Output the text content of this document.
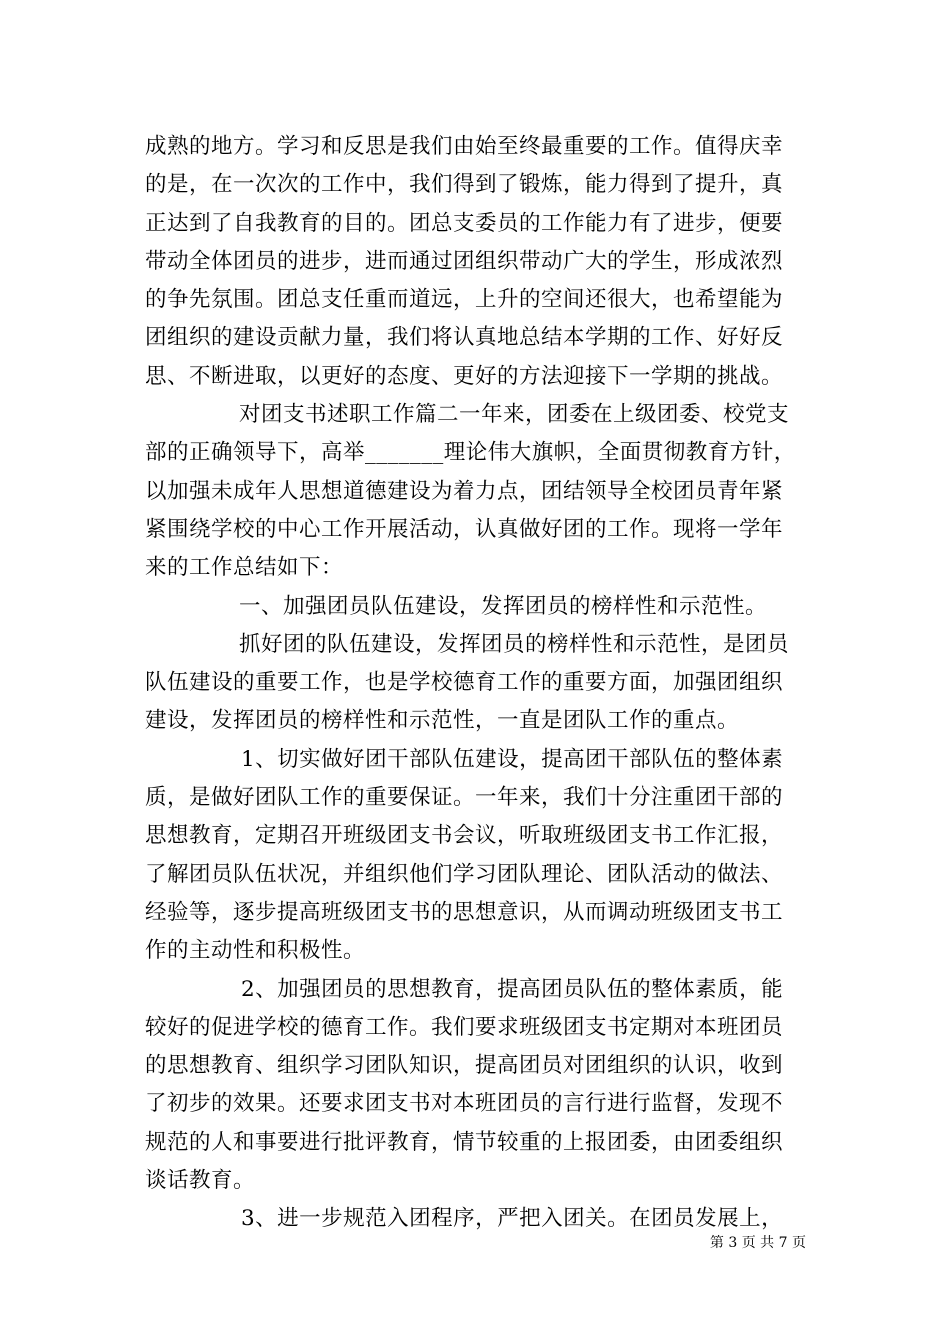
成熟的地方。学习和反思是我们由始至终最重要的工作。值得庆幸
的是，在一次次的工作中，我们得到了锻炼，能力得到了提升，真
正达到了自我教育的目的。团总支委员的工作能力有了进步，便要
带动全体团员的进步，进而通过团组织带动广大的学生，形成浓烈
的争先氛围。团总支任重而道远，上升的空间还很大，也希望能为
团组织的建设贡献力量，我们将认真地总结本学期的工作、好好反
思、不断进取，以更好的态度、更好的方法迎接下一学期的挑战。
对团支书述职工作篇二一年来，团委在上级团委、校党支
部的正确领导下，高举_______理论伟大旗帜，全面贯彻教育方针，
以加强未成年人思想道德建设为着力点，团结领导全校团员青年紧
紧围绕学校的中心工作开展活动，认真做好团的工作。现将一学年
来的工作总结如下：
一、加强团员队伍建设，发挥团员的榜样性和示范性。
抓好团的队伍建设，发挥团员的榜样性和示范性，是团员
队伍建设的重要工作，也是学校德育工作的重要方面，加强团组织
建设，发挥团员的榜样性和示范性，一直是团队工作的重点。
1、切实做好团干部队伍建设，提高团干部队伍的整体素
质，是做好团队工作的重要保证。一年来，我们十分注重团干部的
思想教育，定期召开班级团支书会议，听取班级团支书工作汇报，
了解团员队伍状况，并组织他们学习团队理论、团队活动的做法、
经验等，逐步提高班级团支书的思想意识，从而调动班级团支书工
作的主动性和积极性。
2、加强团员的思想教育，提高团员队伍的整体素质，能
较好的促进学校的德育工作。我们要求班级团支书定期对本班团员
的思想教育、组织学习团队知识，提高团员对团组织的认识，收到
了初步的效果。还要求团支书对本班团员的言行进行监督，发现不
规范的人和事要进行批评教育，情节较重的上报团委，由团委组织
谈话教育。
3、进一步规范入团程序，严把入团关。在团员发展上，
第 3 页 共 7 页
